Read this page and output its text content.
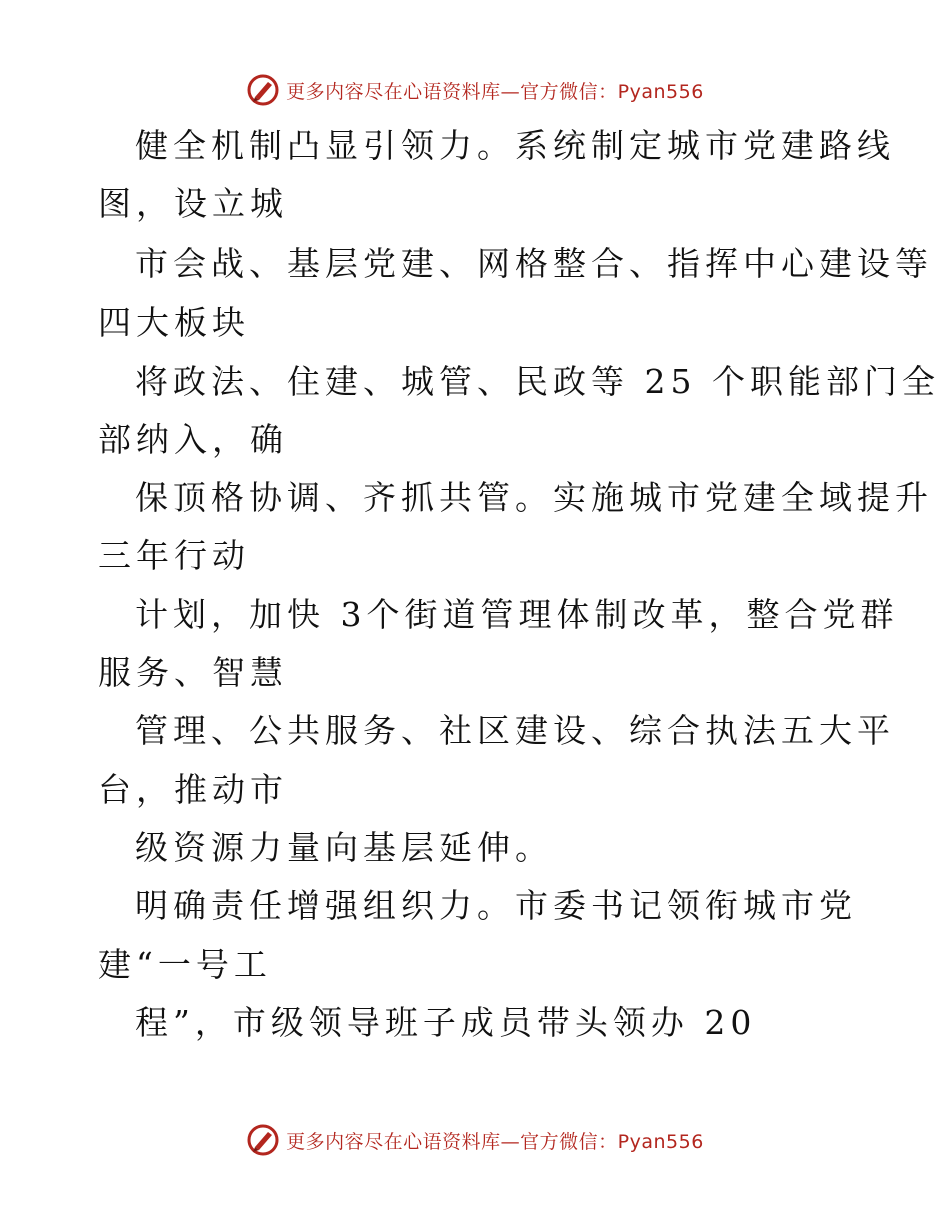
更多内容尽在心语资料库—官方微信：Pyan556
健全机制凸显引领力。系统制定城市党建路线
图，设立城
市会战、基层党建、网格整合、指挥中心建设等
四大板块
将政法、住建、城管、民政等 25 个职能部门全
部纳入，确
保顶格协调、齐抓共管。实施城市党建全域提升
三年行动
计划，加快 3个街道管理体制改革，整合党群
服务、智慧
管理、公共服务、社区建设、综合执法五大平
台，推动市
级资源力量向基层延伸。
明确责任增强组织力。市委书记领衔城市党
建“一号工
程”，市级领导班子成员带头领办 20
更多内容尽在心语资料库—官方微信：Pyan556
